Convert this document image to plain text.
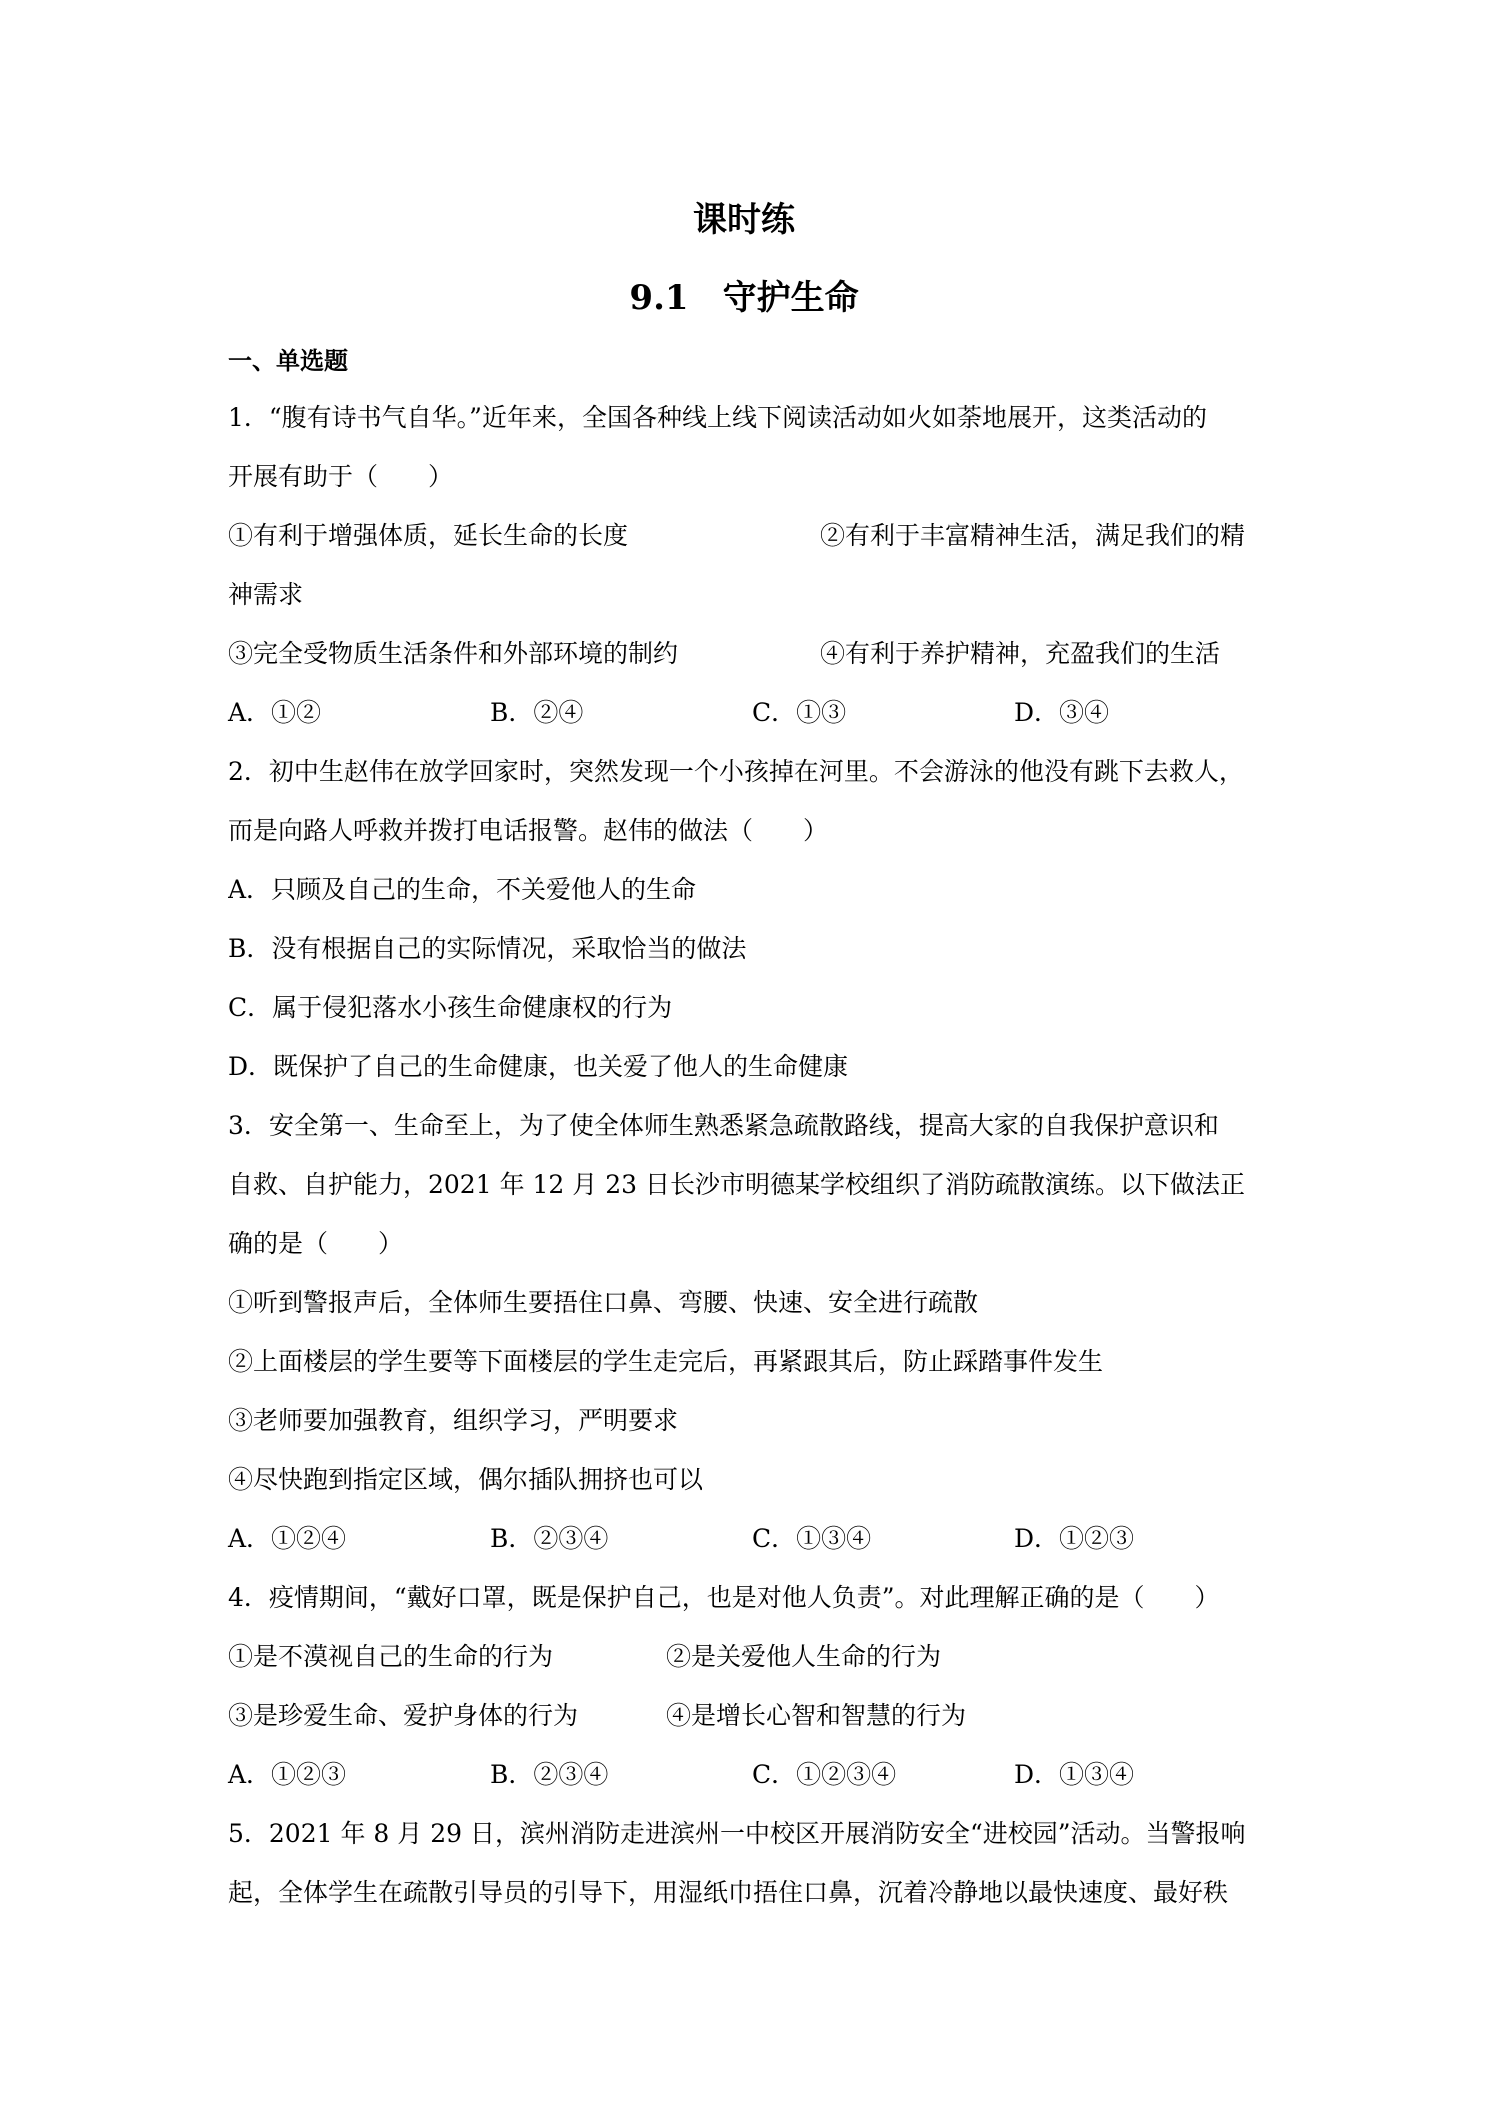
课时练
9.1　守护生命
一、单选题
1．“腹有诗书气自华。”近年来，全国各种线上线下阅读活动如火如荼地展开，这类活动的
开展有助于（　　）
①有利于增强体质，延长生命的长度	②有利于丰富精神生活，满足我们的精
神需求
③完全受物质生活条件和外部环境的制约	④有利于养护精神，充盈我们的生活
A．①②	B．②④	C．①③	D．③④
2．初中生赵伟在放学回家时，突然发现一个小孩掉在河里。不会游泳的他没有跳下去救人，
而是向路人呼救并拨打电话报警。赵伟的做法（　　）
A．只顾及自己的生命，不关爱他人的生命
B．没有根据自己的实际情况，采取恰当的做法
C．属于侵犯落水小孩生命健康权的行为
D．既保护了自己的生命健康，也关爱了他人的生命健康
3．安全第一、生命至上，为了使全体师生熟悉紧急疏散路线，提高大家的自我保护意识和
自救、自护能力，2021 年 12 月 23 日长沙市明德某学校组织了消防疏散演练。以下做法正
确的是（　　）
①听到警报声后，全体师生要捂住口鼻、弯腰、快速、安全进行疏散
②上面楼层的学生要等下面楼层的学生走完后，再紧跟其后，防止踩踏事件发生
③老师要加强教育，组织学习，严明要求
④尽快跑到指定区域，偶尔插队拥挤也可以
A．①②④	B．②③④	C．①③④	D．①②③
4．疫情期间，“戴好口罩，既是保护自己，也是对他人负责”。对此理解正确的是（　　）
①是不漠视自己的生命的行为	②是关爱他人生命的行为
③是珍爱生命、爱护身体的行为	④是增长心智和智慧的行为
A．①②③	B．②③④	C．①②③④	D．①③④
5．2021 年 8 月 29 日，滨州消防走进滨州一中校区开展消防安全“进校园”活动。当警报响
起，全体学生在疏散引导员的引导下，用湿纸巾捂住口鼻，沉着冷静地以最快速度、最好秩
